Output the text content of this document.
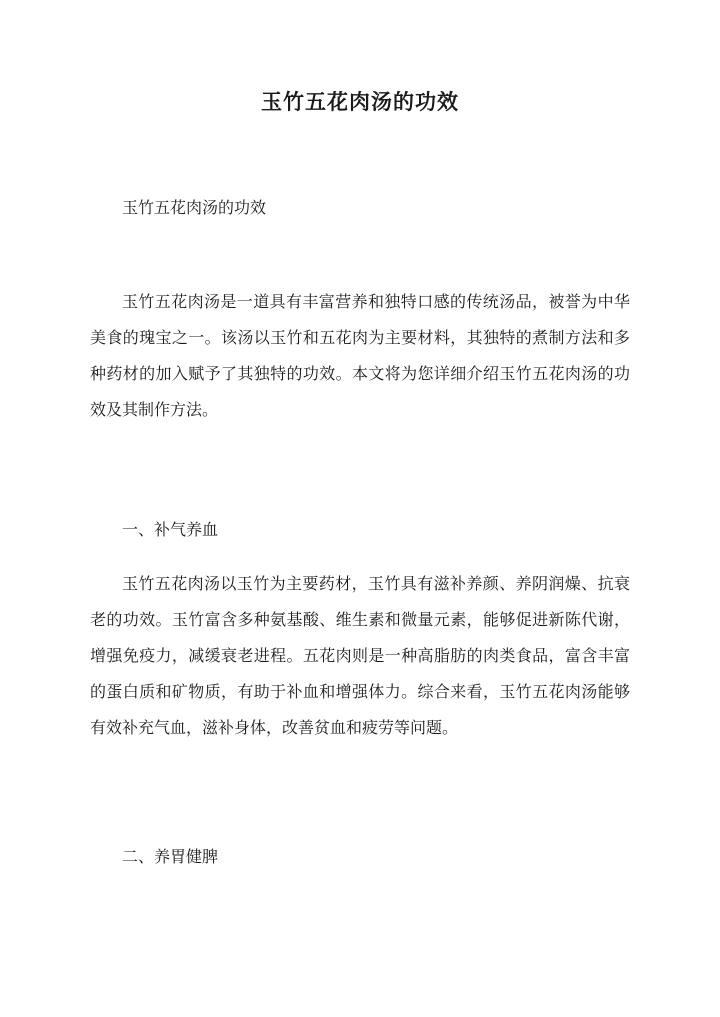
玉竹五花肉汤的功效

玉竹五花肉汤的功效

玉竹五花肉汤是一道具有丰富营养和独特口感的传统汤品，被誉为中华美食的瑰宝之一。该汤以玉竹和五花肉为主要材料，其独特的煮制方法和多种药材的加入赋予了其独特的功效。本文将为您详细介绍玉竹五花肉汤的功效及其制作方法。

一、补气养血

玉竹五花肉汤以玉竹为主要药材，玉竹具有滋补养颜、养阴润燥、抗衰老的功效。玉竹富含多种氨基酸、维生素和微量元素，能够促进新陈代谢，增强免疫力，减缓衰老进程。五花肉则是一种高脂肪的肉类食品，富含丰富的蛋白质和矿物质，有助于补血和增强体力。综合来看，玉竹五花肉汤能够有效补充气血，滋补身体，改善贫血和疲劳等问题。

二、养胃健脾
